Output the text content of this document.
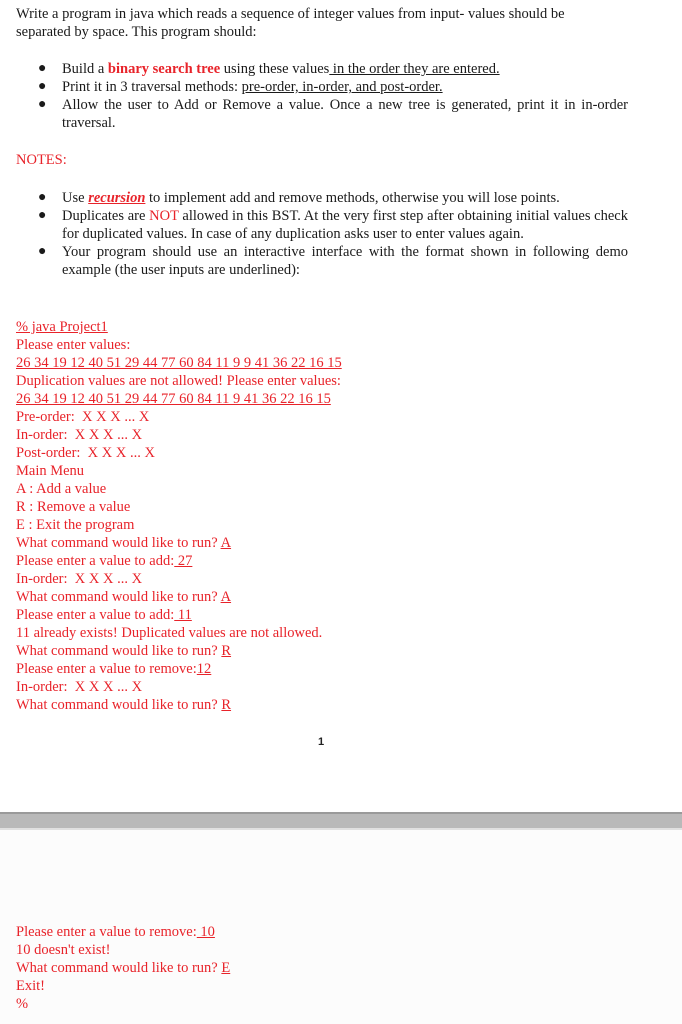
Write a program in java which reads a sequence of integer values from input- values should be
separated by space. This program should:
● Build a binary search tree using these values in the order they are entered.
● Print it in 3 traversal methods: pre-order, in-order, and post-order.
● Allow the user to Add or Remove a value. Once a new tree is generated, print it in in-order traversal.
NOTES:
● Use recursion to implement add and remove methods, otherwise you will lose points.
● Duplicates are NOT allowed in this BST. At the very first step after obtaining initial values check for duplicated values. In case of any duplication asks user to enter values again.
● Your program should use an interactive interface with the format shown in following demo example (the user inputs are underlined):
% java Project1
Please enter values:
26 34 19 12 40 51 29 44 77 60 84 11 9 9 41 36 22 16 15
Duplication values are not allowed! Please enter values:
26 34 19 12 40 51 29 44 77 60 84 11 9 41 36 22 16 15
Pre-order:  X X X ... X
In-order:  X X X ... X
Post-order:  X X X ... X
Main Menu
A : Add a value
R : Remove a value
E : Exit the program
What command would like to run? A
Please enter a value to add: 27
In-order:  X X X ... X
What command would like to run? A
Please enter a value to add: 11
11 already exists! Duplicated values are not allowed.
What command would like to run? R
Please enter a value to remove:12
In-order:  X X X ... X
What command would like to run? R
1
Please enter a value to remove: 10
10 doesn't exist!
What command would like to run? E
Exit!
%
